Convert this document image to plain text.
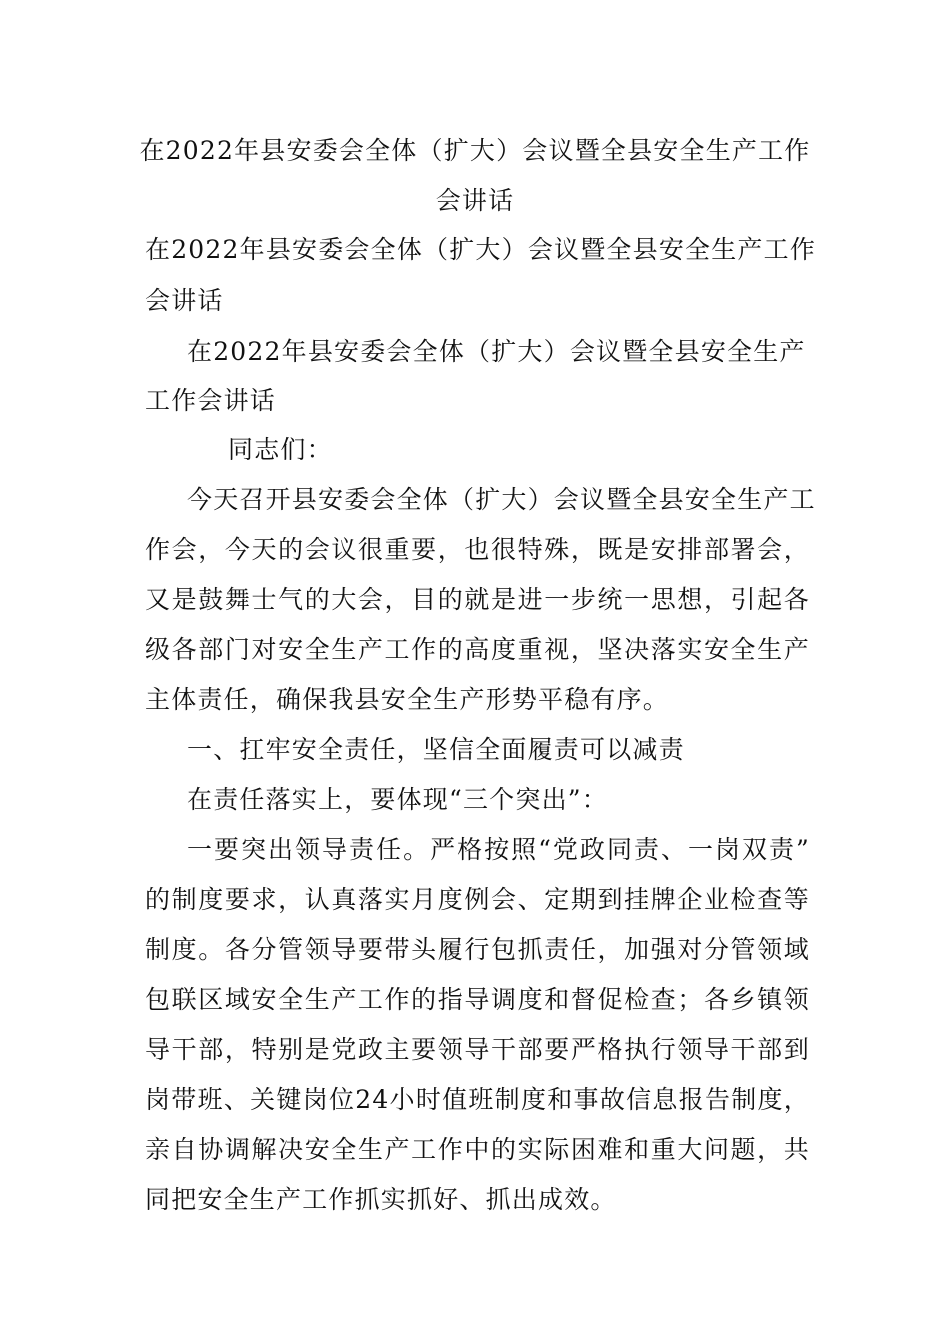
在2022年县安委会全体（扩大）会议暨全县安全生产工作
会讲话
在2022年县安委会全体（扩大）会议暨全县安全生产工作
会讲话
在2022年县安委会全体（扩大）会议暨全县安全生产
工作会讲话
同志们：
今天召开县安委会全体（扩大）会议暨全县安全生产工
作会，今天的会议很重要，也很特殊，既是安排部署会，
又是鼓舞士气的大会，目的就是进一步统一思想，引起各
级各部门对安全生产工作的高度重视，坚决落实安全生产
主体责任，确保我县安全生产形势平稳有序。
一、扛牢安全责任，坚信全面履责可以减责
在责任落实上，要体现“三个突出”：
一要突出领导责任。严格按照“党政同责、一岗双责”
的制度要求，认真落实月度例会、定期到挂牌企业检查等
制度。各分管领导要带头履行包抓责任，加强对分管领域
包联区域安全生产工作的指导调度和督促检查；各乡镇领
导干部，特别是党政主要领导干部要严格执行领导干部到
岗带班、关键岗位24小时值班制度和事故信息报告制度，
亲自协调解决安全生产工作中的实际困难和重大问题，共
同把安全生产工作抓实抓好、抓出成效。
